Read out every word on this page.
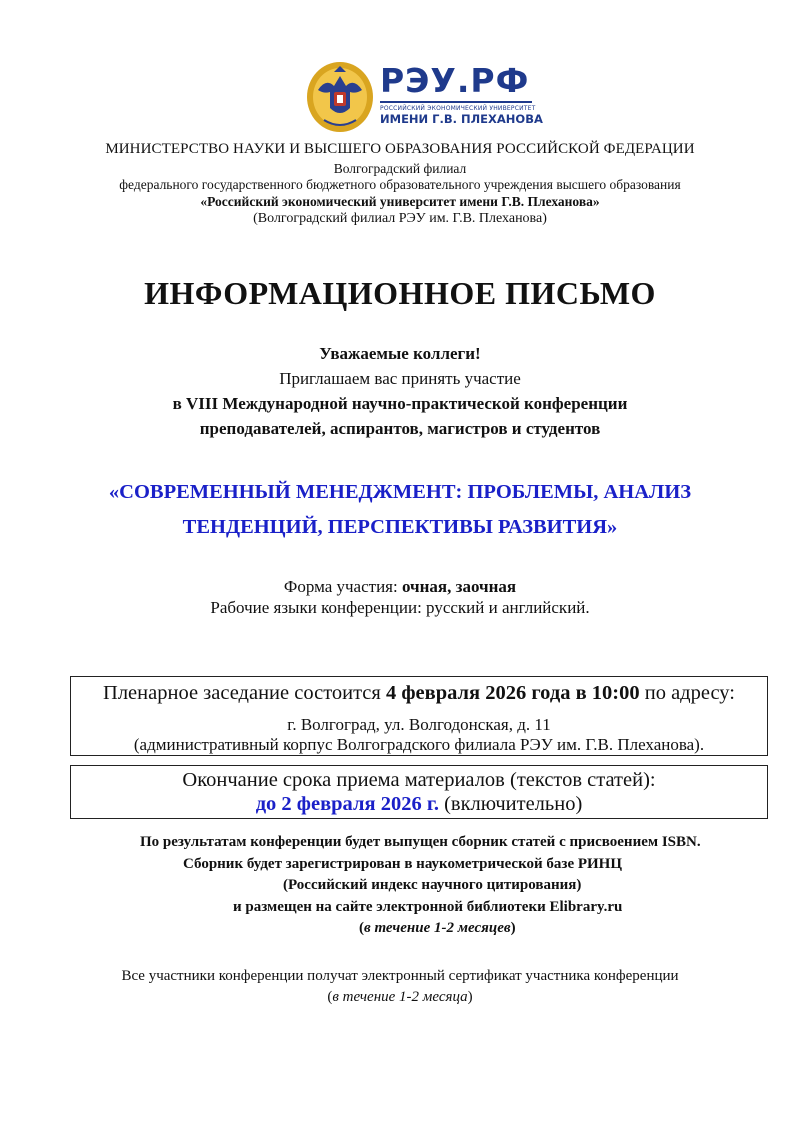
РЭУ.РФ
РОССИЙСКИЙ ЭКОНОМИЧЕСКИЙ УНИВЕРСИТЕТ
ИМЕНИ Г.В. ПЛЕХАНОВА
МИНИСТЕРСТВО НАУКИ И ВЫСШЕГО ОБРАЗОВАНИЯ РОССИЙСКОЙ ФЕДЕРАЦИИ
Волгоградский филиал
федерального государственного бюджетного образовательного учреждения высшего образования
«Российский экономический университет имени Г.В. Плеханова»
(Волгоградский филиал РЭУ им. Г.В. Плеханова)
ИНФОРМАЦИОННОЕ ПИСЬМО
Уважаемые коллеги!
Приглашаем вас принять участие
в VIII Международной научно-практической конференции
преподавателей, аспирантов, магистров и студентов
«СОВРЕМЕННЫЙ МЕНЕДЖМЕНТ: ПРОБЛЕМЫ, АНАЛИЗ
ТЕНДЕНЦИЙ, ПЕРСПЕКТИВЫ РАЗВИТИЯ»
Форма участия: очная, заочная
Рабочие языки конференции: русский и английский.
Пленарное заседание состоится 4 февраля 2026 года в 10:00 по адресу:
г. Волгоград, ул. Волгодонская, д. 11
(административный корпус Волгоградского филиала РЭУ им. Г.В. Плеханова).
Окончание срока приема материалов (текстов статей):
до 2 февраля 2026 г. (включительно)
По результатам конференции будет выпущен сборник статей с присвоением ISBN.
Сборник будет зарегистрирован в наукометрической базе РИНЦ
(Российский индекс научного цитирования)
и размещен на сайте электронной библиотеки Elibrary.ru
(в течение 1-2 месяцев)
Все участники конференции получат электронный сертификат участника конференции
(в течение 1-2 месяца)
